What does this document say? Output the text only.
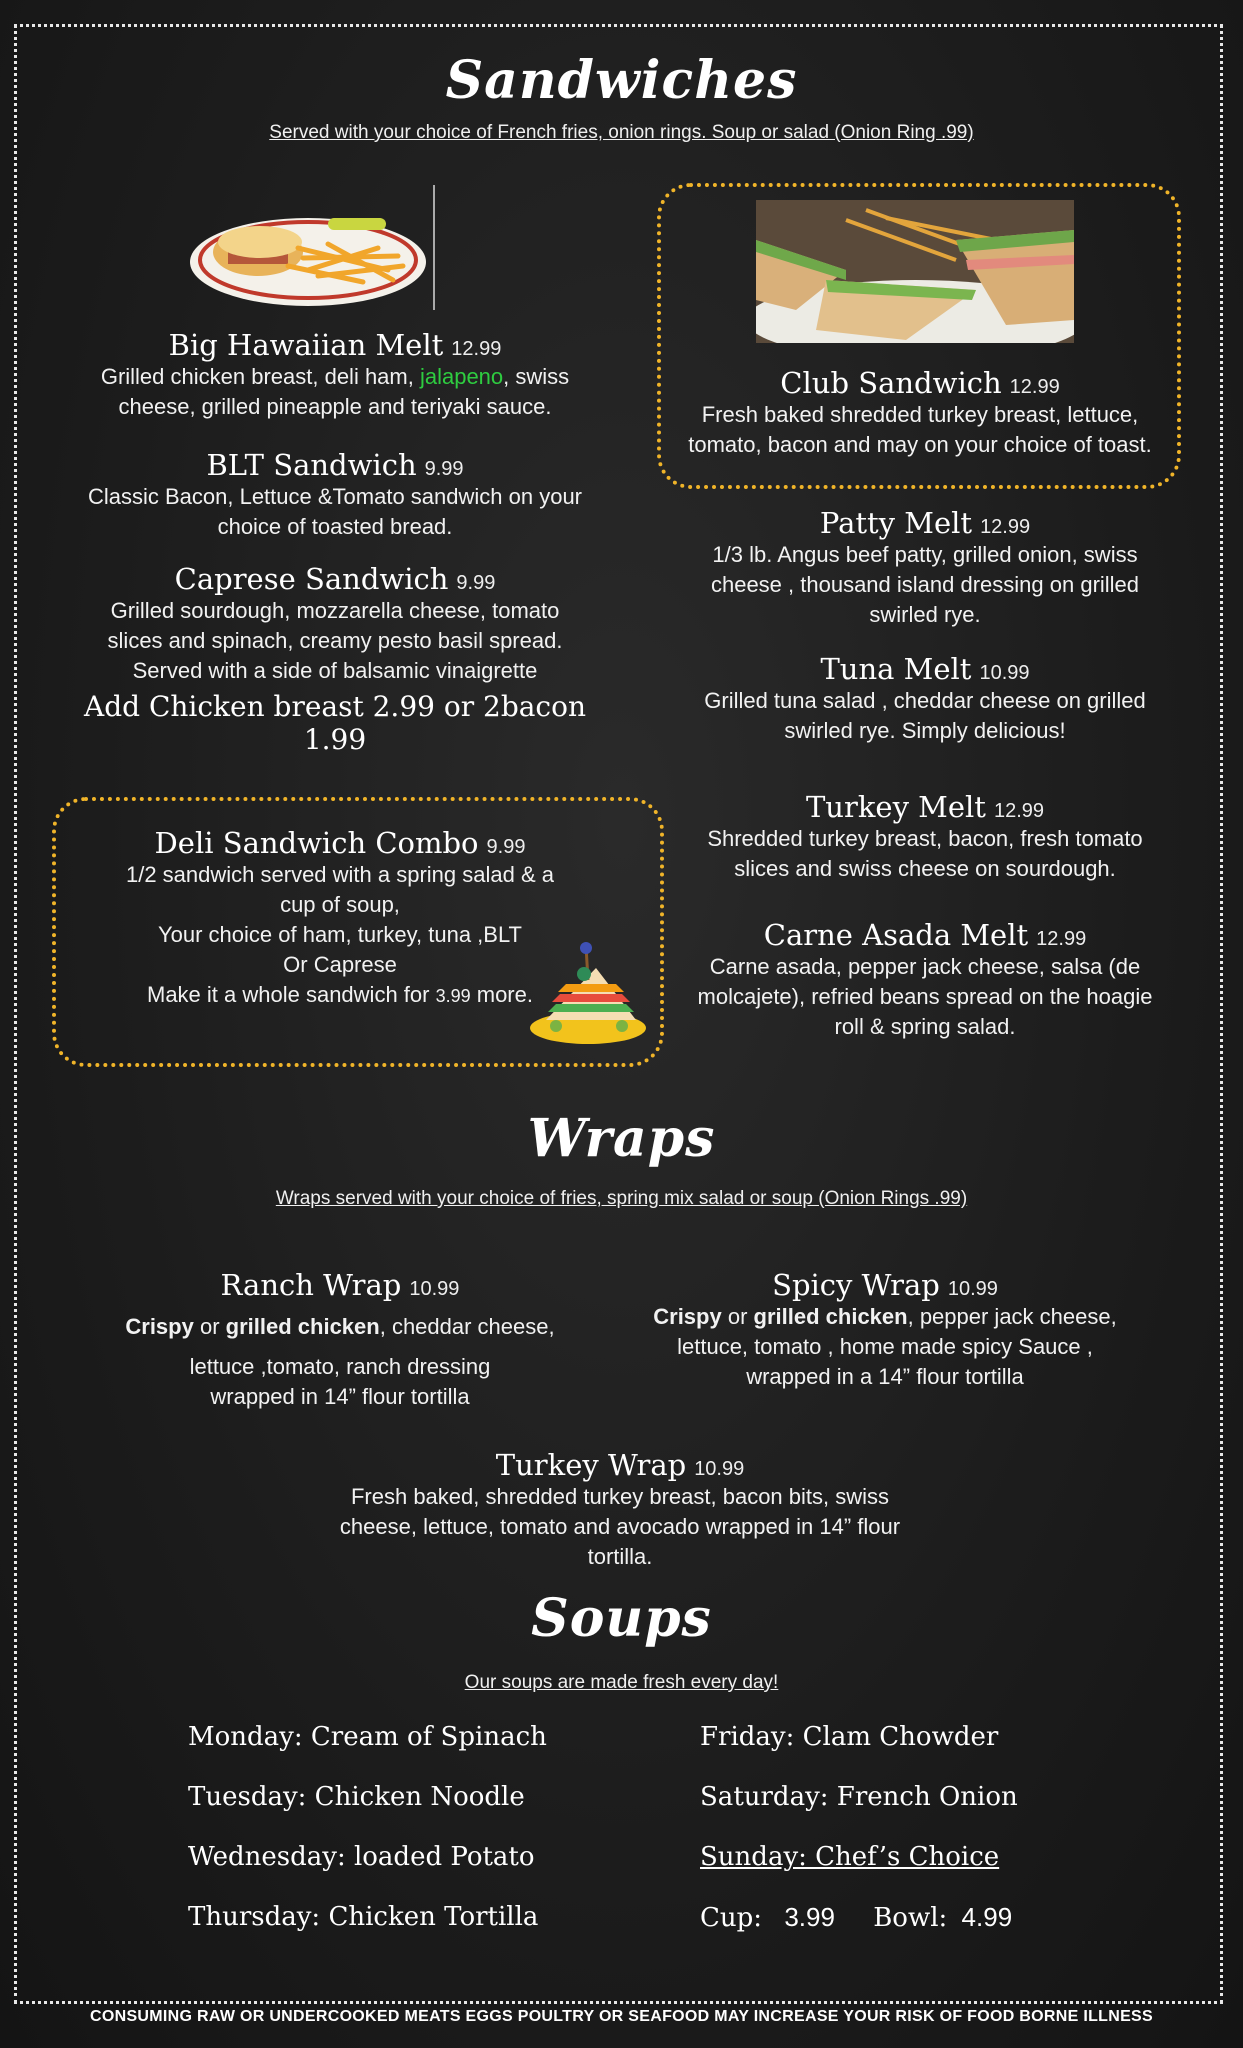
Sandwiches
Served with your choice of French fries, onion rings. Soup or salad (Onion Ring .99)
Big Hawaiian Melt 12.99
Grilled chicken breast, deli ham, jalapeno, swiss cheese, grilled pineapple and teriyaki sauce.
BLT Sandwich 9.99
Classic Bacon, Lettuce &Tomato sandwich on your choice of toasted bread.
Caprese Sandwich 9.99
Grilled sourdough, mozzarella cheese, tomato slices and spinach, creamy pesto basil spread. Served with a side of balsamic vinaigrette
Add Chicken breast 2.99 or 2bacon 1.99
Club Sandwich 12.99
Fresh baked shredded turkey breast, lettuce, tomato, bacon and may on your choice of toast.
Patty Melt 12.99
1/3 lb. Angus beef patty, grilled onion, swiss cheese , thousand island dressing on grilled swirled rye.
Tuna Melt 10.99
Grilled tuna salad , cheddar cheese on grilled swirled rye. Simply delicious!
Turkey Melt 12.99
Shredded turkey breast, bacon, fresh tomato slices and swiss cheese on sourdough.
Carne Asada Melt 12.99
Carne asada, pepper jack cheese, salsa (de molcajete), refried beans spread on the hoagie roll & spring salad.
Deli Sandwich Combo 9.99
1/2 sandwich served with a spring salad & a
cup of soup,
Your choice of ham, turkey, tuna ,BLT
Or Caprese
Make it a whole sandwich for 3.99 more.
Wraps
Wraps served with your choice of fries, spring mix salad or soup (Onion Rings .99)
Ranch Wrap 10.99
Crispy or grilled chicken, cheddar cheese,
lettuce ,tomato, ranch dressing wrapped in 14” flour tortilla
Spicy Wrap 10.99
Crispy or grilled chicken, pepper jack cheese, lettuce, tomato , home made spicy Sauce , wrapped in a 14” flour tortilla
Turkey Wrap 10.99
Fresh baked, shredded turkey breast, bacon bits, swiss cheese, lettuce, tomato and avocado wrapped in 14” flour tortilla.
Soups
Our soups are made fresh every day!
Monday: Cream of Spinach
Tuesday: Chicken Noodle
Wednesday: loaded Potato
Thursday: Chicken Tortilla
Friday: Clam Chowder
Saturday: French Onion
Sunday: Chef’s Choice
Cup: 3.99 Bowl: 4.99
CONSUMING RAW OR UNDERCOOKED MEATS EGGS POULTRY OR SEAFOOD MAY INCREASE YOUR RISK OF FOOD BORNE ILLNESS
